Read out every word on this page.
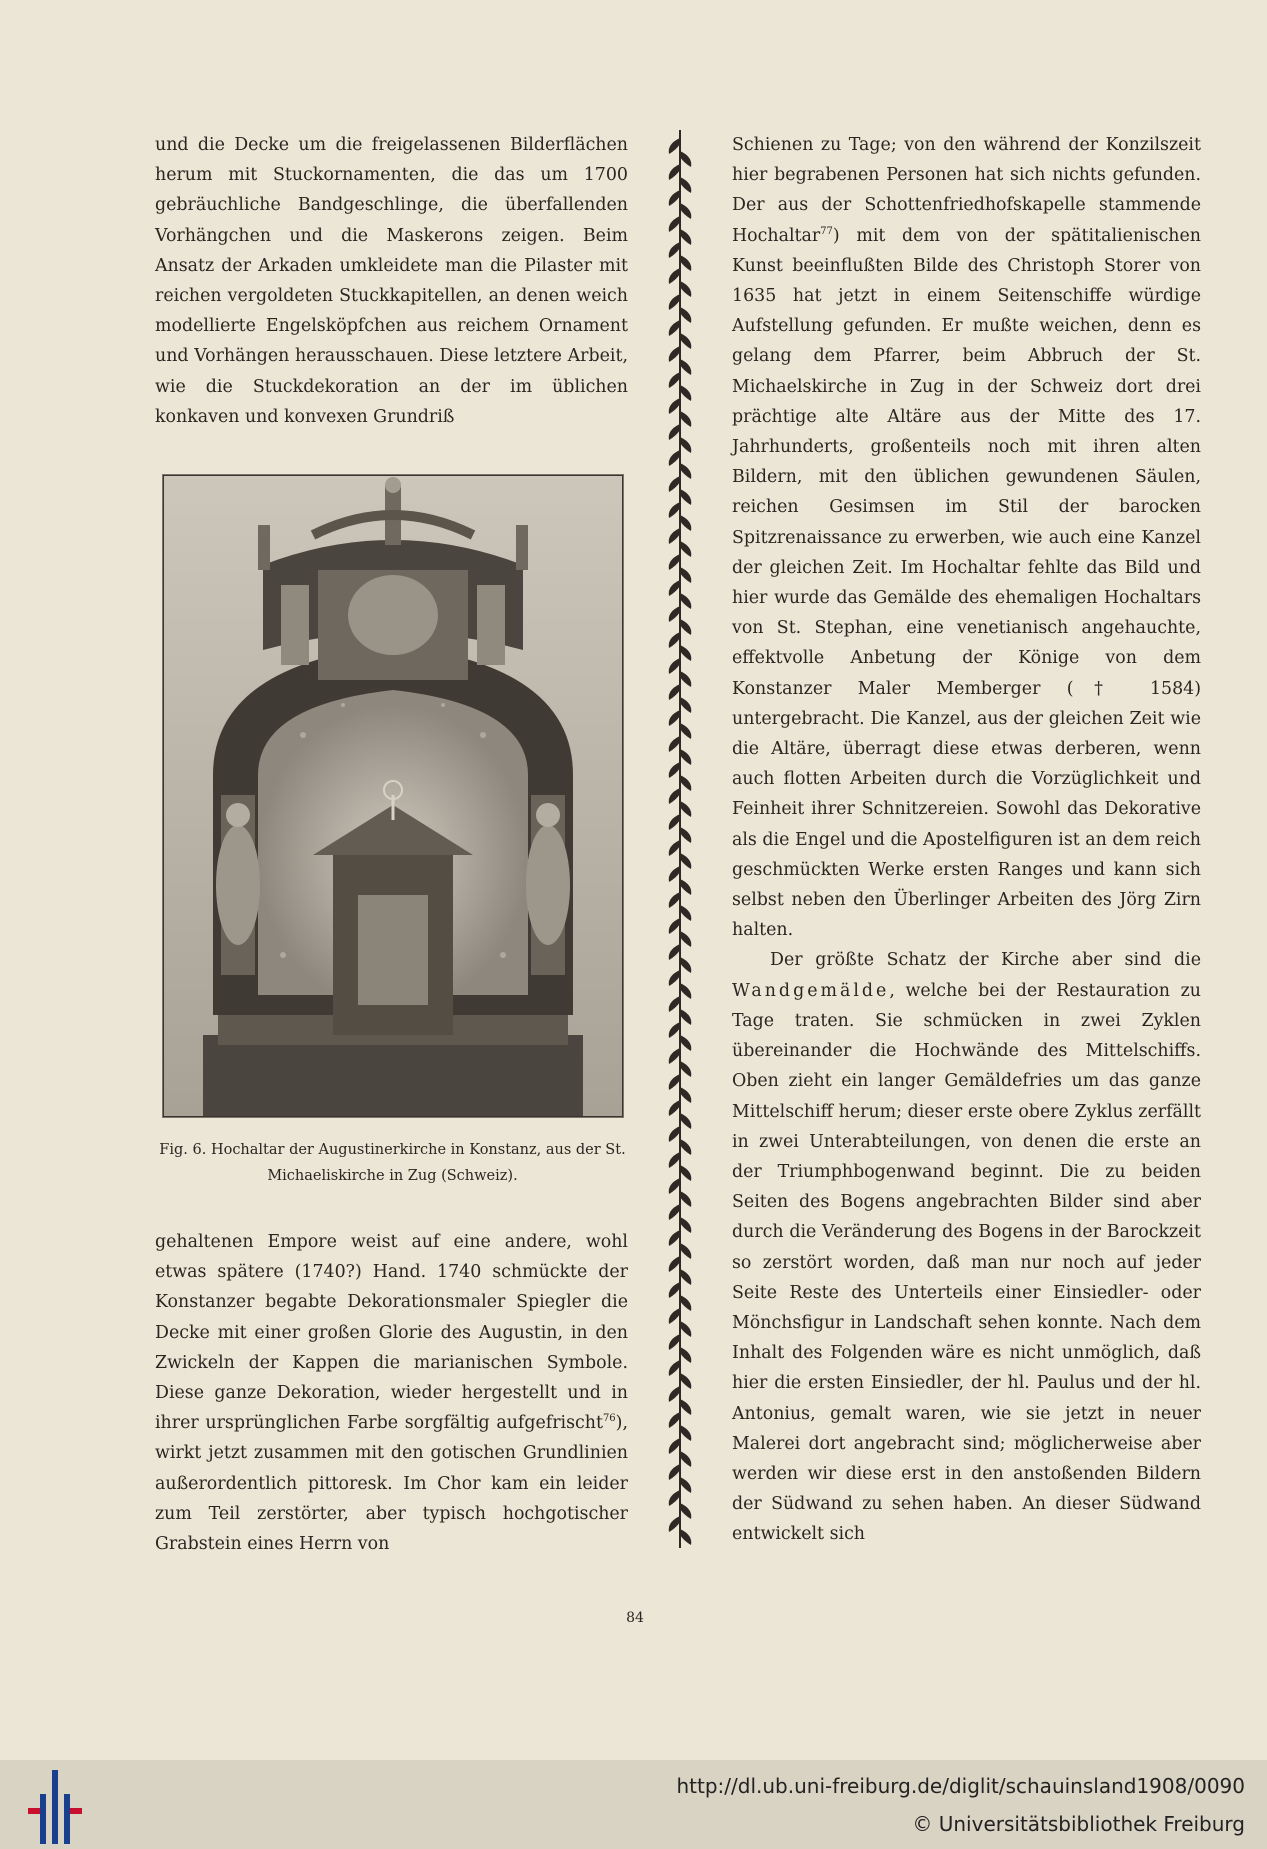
und die Decke um die freigelassenen Bilderflächen herum mit Stuckornamenten, die das um 1700 gebräuchliche Bandgeschlinge, die überfallenden Vorhängchen und die Maskerons zeigen. Beim Ansatz der Arkaden umkleidete man die Pilaster mit reichen vergoldeten Stuckkapitellen, an denen weich modellierte Engelsköpfchen aus reichem Ornament und Vorhängen herausschauen. Diese letztere Arbeit, wie die Stuckdekoration an der im üblichen konkaven und konvexen Grundriß

Fig. 6. Hochaltar der Augustinerkirche in Konstanz, aus der St. Michaeliskirche in Zug (Schweiz).

gehaltenen Empore weist auf eine andere, wohl etwas spätere (1740?) Hand. 1740 schmückte der Konstanzer begabte Dekorationsmaler Spiegler die Decke mit einer großen Glorie des Augustin, in den Zwickeln der Kappen die marianischen Symbole. Diese ganze Dekoration, wieder hergestellt und in ihrer ursprünglichen Farbe sorgfältig aufgefrischt$^{76}$), wirkt jetzt zusammen mit den gotischen Grundlinien außerordentlich pittoresk. Im Chor kam ein leider zum Teil zerstörter, aber typisch hochgotischer Grabstein eines Herrn von

Schienen zu Tage; von den während der Konzilszeit hier begrabenen Personen hat sich nichts gefunden. Der aus der Schottenfriedhofskapelle stammende Hochaltar$^{77}$) mit dem von der spätitalienischen Kunst beeinflußten Bilde des Christoph Storer von 1635 hat jetzt in einem Seitenschiffe würdige Aufstellung gefunden. Er mußte weichen, denn es gelang dem Pfarrer, beim Abbruch der St. Michaelskirche in Zug in der Schweiz dort drei prächtige alte Altäre aus der Mitte des 17. Jahrhunderts, großenteils noch mit ihren alten Bildern, mit den üblichen gewundenen Säulen, reichen Gesimsen im Stil der barocken Spitzrenaissance zu erwerben, wie auch eine Kanzel der gleichen Zeit. Im Hochaltar fehlte das Bild und hier wurde das Gemälde des ehemaligen Hochaltars von St. Stephan, eine venetianisch angehauchte, effektvolle Anbetung der Könige von dem Konstanzer Maler Memberger († 1584) untergebracht. Die Kanzel, aus der gleichen Zeit wie die Altäre, überragt diese etwas derberen, wenn auch flotten Arbeiten durch die Vorzüglichkeit und Feinheit ihrer Schnitzereien. Sowohl das Dekorative als die Engel und die Apostelfiguren ist an dem reich geschmückten Werke ersten Ranges und kann sich selbst neben den Überlinger Arbeiten des Jörg Zirn halten.

Der größte Schatz der Kirche aber sind die Wandgemälde, welche bei der Restauration zu Tage traten. Sie schmücken in zwei Zyklen übereinander die Hochwände des Mittelschiffs. Oben zieht ein langer Gemäldefries um das ganze Mittelschiff herum; dieser erste obere Zyklus zerfällt in zwei Unterabteilungen, von denen die erste an der Triumphbogenwand beginnt. Die zu beiden Seiten des Bogens angebrachten Bilder sind aber durch die Veränderung des Bogens in der Barockzeit so zerstört worden, daß man nur noch auf jeder Seite Reste des Unterteils einer Einsiedler- oder Mönchsfigur in Landschaft sehen konnte. Nach dem Inhalt des Folgenden wäre es nicht unmöglich, daß hier die ersten Einsiedler, der hl. Paulus und der hl. Antonius, gemalt waren, wie sie jetzt in neuer Malerei dort angebracht sind; möglicherweise aber werden wir diese erst in den anstoßenden Bildern der Südwand zu sehen haben. An dieser Südwand entwickelt sich

84
http://dl.ub.uni-freiburg.de/diglit/schauinsland1908/0090
© Universitätsbibliothek Freiburg
